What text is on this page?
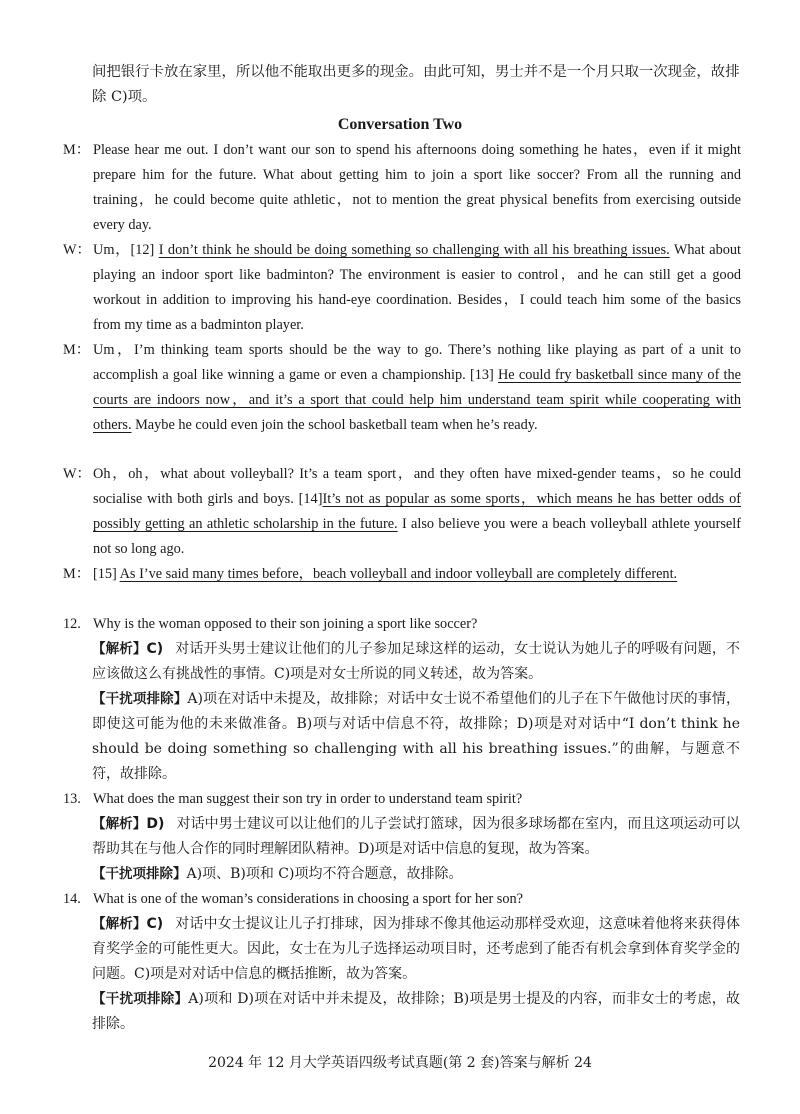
间把银行卡放在家里，所以他不能取出更多的现金。由此可知，男士并不是一个月只取一次现金，故排除 C)项。

Conversation Two
M： Please hear me out. I don’t want our son to spend his afternoons doing something he hates，even if it might prepare him for the future. What about getting him to join a sport like soccer? From all the running and training，he could become quite athletic，not to mention the great physical benefits from exercising outside every day.
W： Um，[12] I don’t think he should be doing something so challenging with all his breathing issues. What about playing an indoor sport like badminton? The environment is easier to control，and he can still get a good workout in addition to improving his hand-eye coordination. Besides，I could teach him some of the basics from my time as a badminton player.
M： Um，I’m thinking team sports should be the way to go. There’s nothing like playing as part of a unit to accomplish a goal like winning a game or even a championship. [13] He could fry basketball since many of the courts are indoors now，and it’s a sport that could help him understand team spirit while cooperating with others. Maybe he could even join the school basketball team when he’s ready.
W： Oh，oh，what about volleyball? It’s a team sport，and they often have mixed-gender teams，so he could socialise with both girls and boys. [14]It’s not as popular as some sports，which means he has better odds of possibly getting an athletic scholarship in the future. I also believe you were a beach volleyball athlete yourself not so long ago.
M： [15] As I’ve said many times before，beach volleyball and indoor volleyball are completely different.
12. Why is the woman opposed to their son joining a sport like soccer?
【解析】C) 对话开头男士建议让他们的儿子参加足球这样的运动，女士说认为她儿子的呼吸有问题，不应该做这么有挑战性的事情。C)项是对女士所说的同义转述，故为答案。
【干扰项排除】A)项在对话中未提及，故排除；对话中女士说不希望他们的儿子在下午做他讨厌的事情，即使这可能为他的未来做准备。B)项与对话中信息不符，故排除；D)项是对对话中“I don’t think he should be doing something so challenging with all his breathing issues.”的曲解，与题意不符，故排除。
13. What does the man suggest their son try in order to understand team spirit?
【解析】D) 对话中男士建议可以让他们的儿子尝试打篮球，因为很多球场都在室内，而且这项运动可以帮助其在与他人合作的同时理解团队精神。D)项是对话中信息的复现，故为答案。
【干扰项排除】A)项、B)项和 C)项均不符合题意，故排除。
14. What is one of the woman’s considerations in choosing a sport for her son?
【解析】C) 对话中女士提议让儿子打排球，因为排球不像其他运动那样受欢迎，这意味着他将来获得体育奖学金的可能性更大。因此，女士在为儿子选择运动项目时，还考虑到了能否有机会拿到体育奖学金的问题。C)项是对对话中信息的概括推断，故为答案。
【干扰项排除】A)项和 D)项在对话中并未提及，故排除；B)项是男士提及的内容，而非女士的考虑，故排除。
2024 年 12 月大学英语四级考试真题(第 2 套)答案与解析 24
